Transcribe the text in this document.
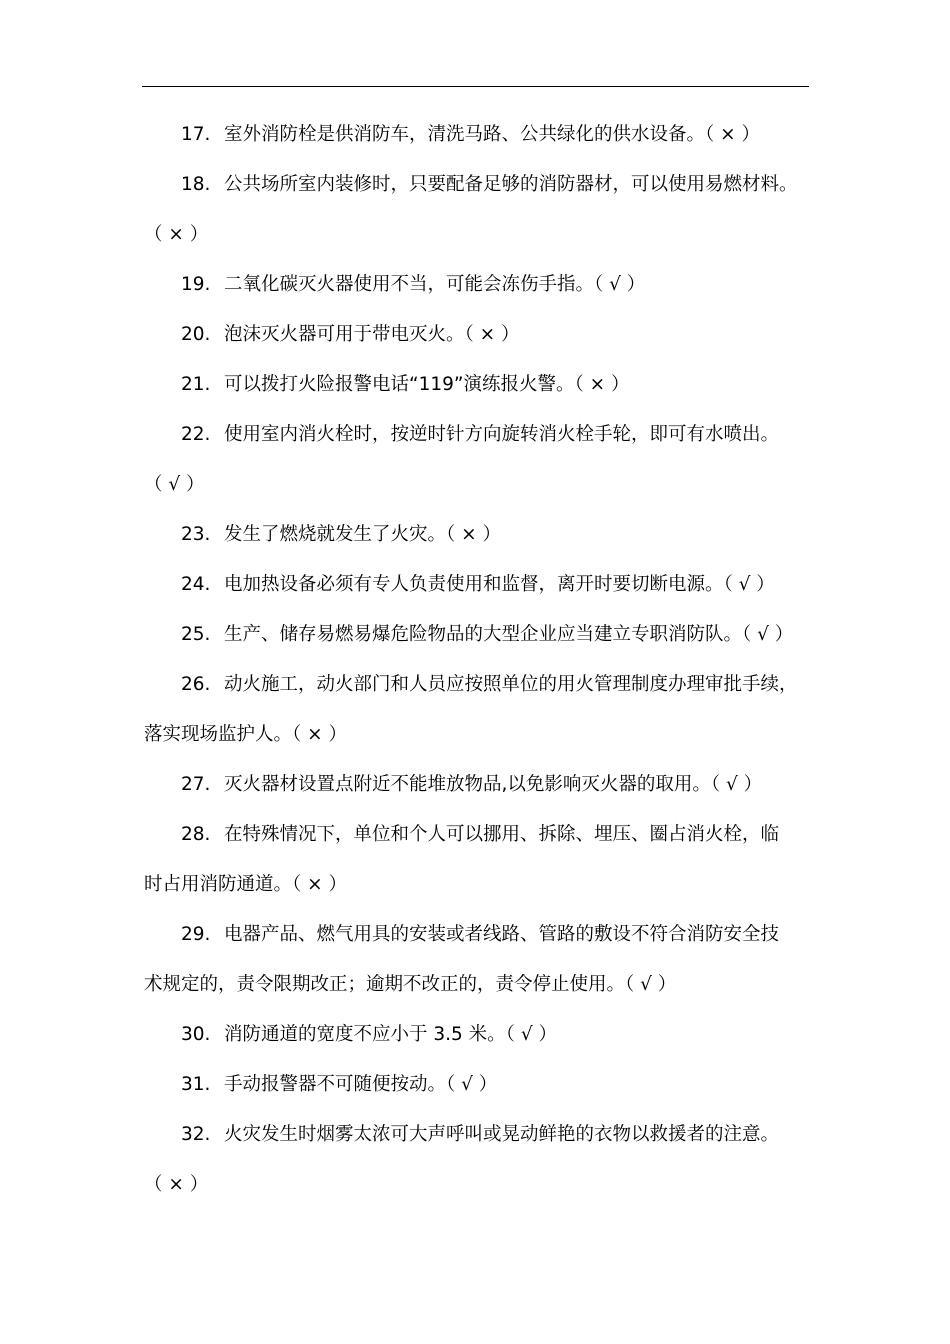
17. 室外消防栓是供消防车，清洗马路、公共绿化的供水设备。（ × ）
18. 公共场所室内装修时，只要配备足够的消防器材，可以使用易燃材料。
（ × ）
19. 二氧化碳灭火器使用不当，可能会冻伤手指。（ √ ）
20. 泡沫灭火器可用于带电灭火。（ × ）
21. 可以拨打火险报警电话“119”演练报火警。（ × ）
22. 使用室内消火栓时，按逆时针方向旋转消火栓手轮，即可有水喷出。
（ √ ）
23. 发生了燃烧就发生了火灾。（ × ）
24. 电加热设备必须有专人负责使用和监督，离开时要切断电源。（ √ ）
25. 生产、储存易燃易爆危险物品的大型企业应当建立专职消防队。（ √ ）
26. 动火施工，动火部门和人员应按照单位的用火管理制度办理审批手续，
落实现场监护人。（ × ）
27. 灭火器材设置点附近不能堆放物品,以免影响灭火器的取用。（ √ ）
28. 在特殊情况下，单位和个人可以挪用、拆除、埋压、圈占消火栓，临
时占用消防通道。（ × ）
29. 电器产品、燃气用具的安装或者线路、管路的敷设不符合消防安全技
术规定的，责令限期改正；逾期不改正的，责令停止使用。（ √ ）
30. 消防通道的宽度不应小于 3.5 米。（ √ ）
31. 手动报警器不可随便按动。（ √ ）
32. 火灾发生时烟雾太浓可大声呼叫或晃动鲜艳的衣物以救援者的注意。
（ × ）
